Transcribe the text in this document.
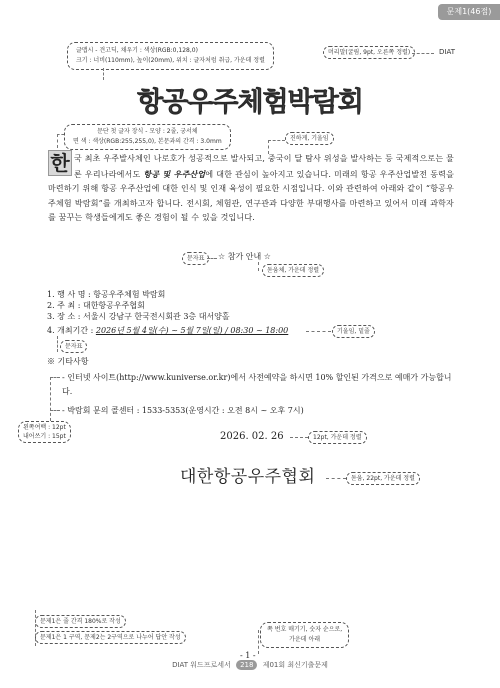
문제1(46점)
머리말(굴림, 9pt, 오른쪽 정렬)	DIAT
글맵시 - 견고딕, 채우기 : 색상(RGB:0,128,0)
크기 : 너비(110mm), 높이(20mm), 위치 : 글자처럼 취급, 가운데 정렬
항공우주체험박람회
문단 첫 글자 장식 - 모양 : 2줄, 궁서체
면 색 : 색상(RGB:255,255,0), 본문과의 간격 : 3.0mm	진하게, 기울임
한 국 최초 우주발사체인 나로호가 성공적으로 발사되고, 중국이 달 탐사 위성을 발사하는 등 국제적으로는 물론 우리나라에서도 항공 및 우주산업에 대한 관심이 높아지고 있습니다. 미래의 항공 우주산업발전 동력을 마련하기 위해 항공 우주산업에 대한 인식 및 인재 육성이 필요한 시점입니다. 이와 관련하여 아래와 같이 “항공우주체험 박람회”를 개최하고자 합니다. 전시회, 체험관, 연구관과 다양한 부대행사를 마련하고 있어서 미래 과학자를 꿈꾸는 학생들에게도 좋은 경험이 될 수 있을 것입니다.
문자표	☆ 참가 안내 ☆
돋움체, 가운데 정렬
1. 행 사 명 : 항공우주체험 박람회
2. 주 최 : 대한항공우주협회
3. 장 소 : 서울시 강남구 한국전시회관 3층 대서양홀
4. 개최기간 : 2026년 5월 4일(수) ~ 5월 7일(일) / 08:30 ~ 18:00	기울임, 밑줄
문자표
※ 기타사항
- 인터넷 사이트(http://www.kuniverse.or.kr)에서 사전예약을 하시면 10% 할인된 가격으로 예매가 가능합니다.
- 박람회 문의 콜센터 : 1533-5353(운영시간 : 오전 8시 ~ 오후 7시)
왼쪽여백 : 12pt
내어쓰기 : 15pt	2026. 02. 26	12pt, 가운데 정렬
대한항공우주협회	돋움, 22pt, 가운데 정렬
문제1은 줄 간격 180%로 작성
문제1은 1 구역, 문제2는 2구역으로 나누어 답안 작성
쪽 번호 매기기, 숫자 순으로,
가운데 아래
- 1 -
DIAT 워드프로세서 218 제01회 최신기출문제
